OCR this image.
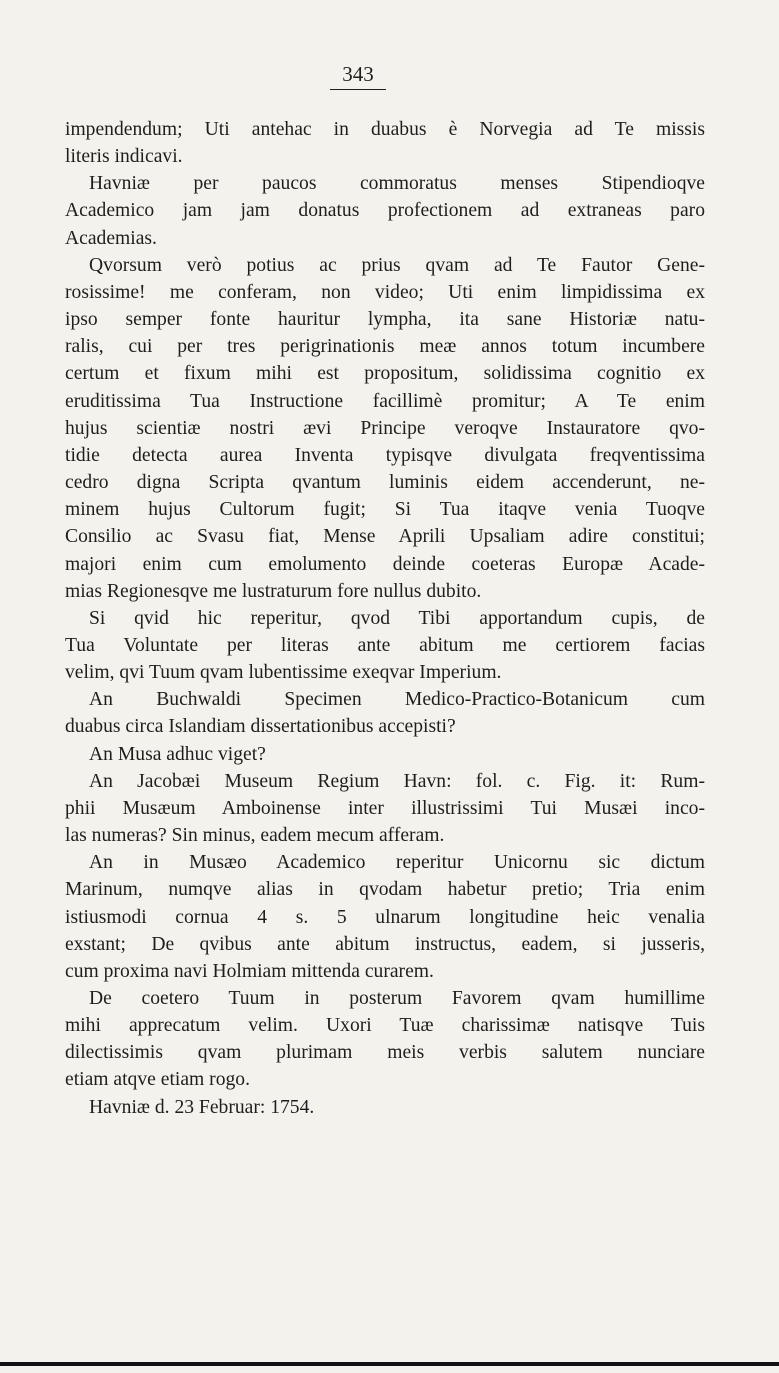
343
impendendum; Uti antehac in duabus è Norvegia ad Te missis
literis indicavi.
Havniæ per paucos commoratus menses Stipendioqve
Academico jam jam donatus profectionem ad extraneas paro
Academias.
Qvorsum verò potius ac prius qvam ad Te Fautor Gene-
rosissime! me conferam, non video; Uti enim limpidissima ex
ipso semper fonte hauritur lympha, ita sane Historiæ natu-
ralis, cui per tres perigrinationis meæ annos totum incumbere
certum et fixum mihi est propositum, solidissima cognitio ex
eruditissima Tua Instructione facillimè promitur; A Te enim
hujus scientiæ nostri ævi Principe veroqve Instauratore qvo-
tidie detecta aurea Inventa typisqve divulgata freqventissima
cedro digna Scripta qvantum luminis eidem accenderunt, ne-
minem hujus Cultorum fugit; Si Tua itaqve venia Tuoqve
Consilio ac Svasu fiat, Mense Aprili Upsaliam adire constitui;
majori enim cum emolumento deinde coeteras Europæ Acade-
mias Regionesqve me lustraturum fore nullus dubito.
Si qvid hic reperitur, qvod Tibi apportandum cupis, de
Tua Voluntate per literas ante abitum me certiorem facias
velim, qvi Tuum qvam lubentissime exeqvar Imperium.
An Buchwaldi Specimen Medico-Practico-Botanicum cum
duabus circa Islandiam dissertationibus accepisti?
An Musa adhuc viget?
An Jacobæi Museum Regium Havn: fol. c. Fig. it: Rum-
phii Musæum Amboinense inter illustrissimi Tui Musæi inco-
las numeras? Sin minus, eadem mecum afferam.
An in Musæo Academico reperitur Unicornu sic dictum
Marinum, numqve alias in qvodam habetur pretio; Tria enim
istiusmodi cornua 4 s. 5 ulnarum longitudine heic venalia
exstant; De qvibus ante abitum instructus, eadem, si jusseris,
cum proxima navi Holmiam mittenda curarem.
De coetero Tuum in posterum Favorem qvam humillime
mihi apprecatum velim. Uxori Tuæ charissimæ natisqve Tuis
dilectissimis qvam plurimam meis verbis salutem nunciare
etiam atqve etiam rogo.
Havniæ d. 23 Februar: 1754.
